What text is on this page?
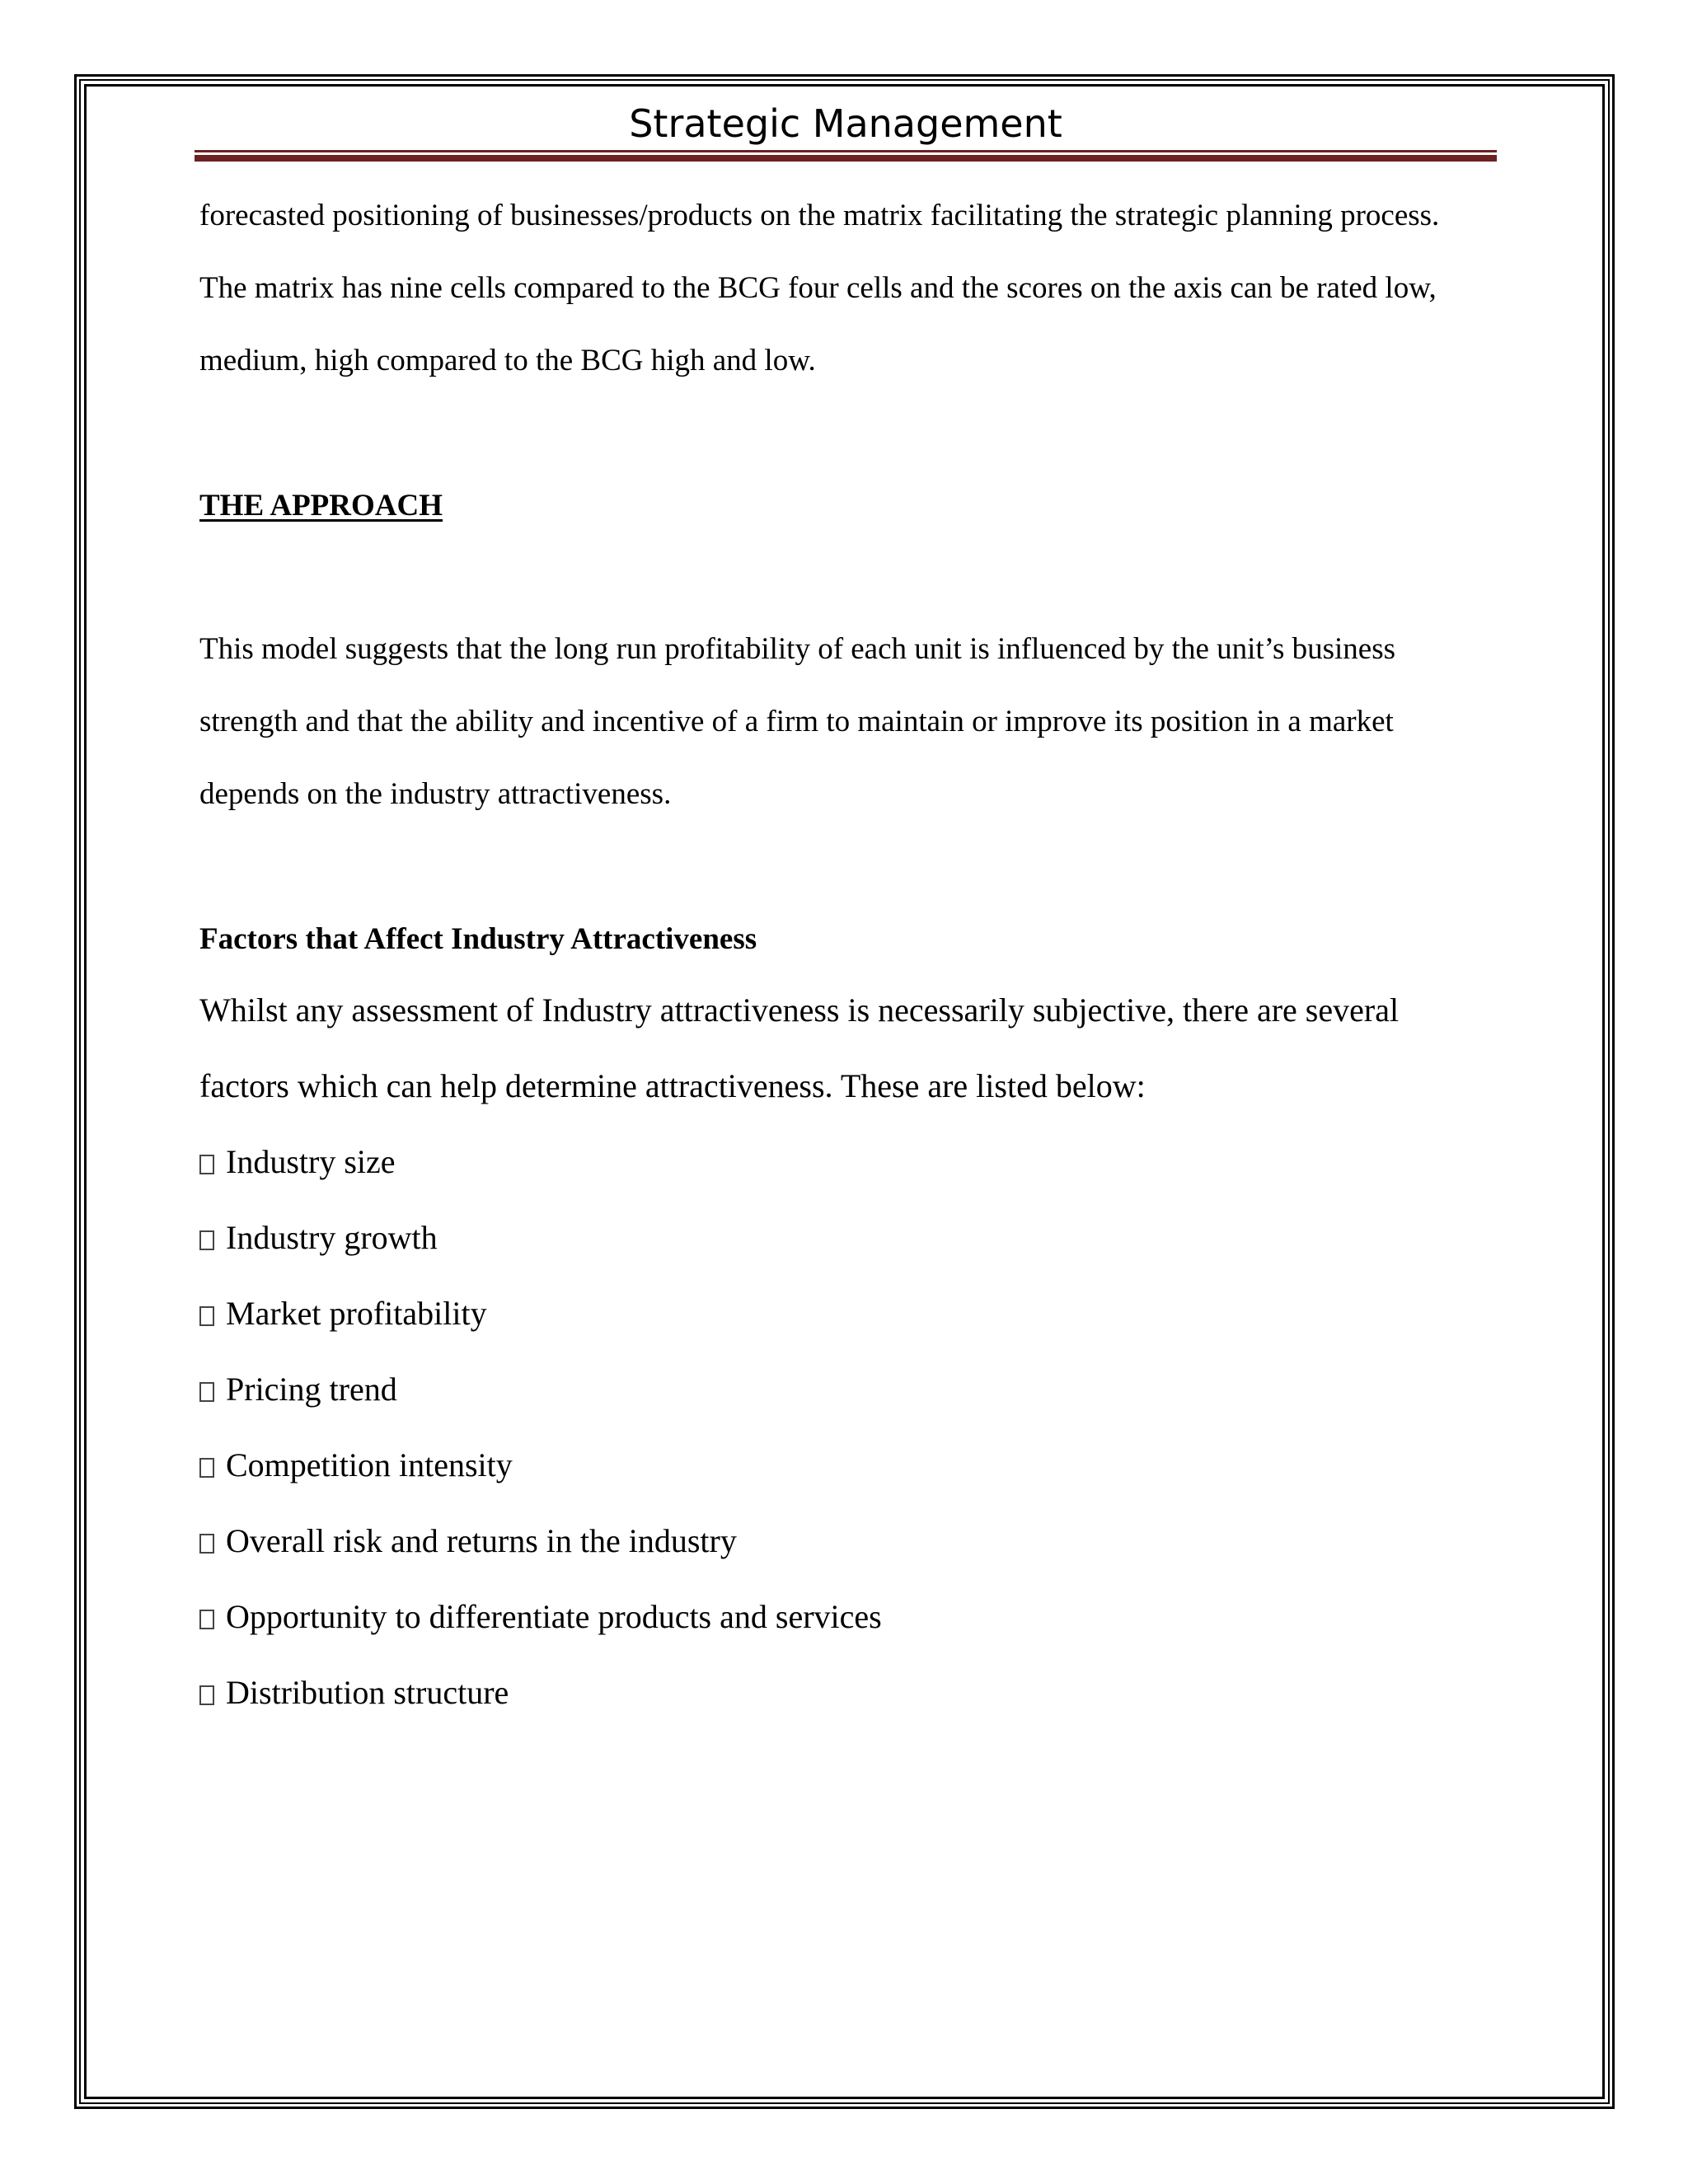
Strategic Management
forecasted positioning of businesses/products on the matrix facilitating the strategic planning process.
The matrix has nine cells compared to the BCG four cells and the scores on the axis can be rated low,
medium, high compared to the BCG high and low.
THE APPROACH
This model suggests that the long run profitability of each unit is influenced by the unit’s business
strength and that the ability and incentive of a firm to maintain or improve its position in a market
depends on the industry attractiveness.
Factors that Affect Industry Attractiveness
Whilst any assessment of Industry attractiveness is necessarily subjective, there are several
factors which can help determine attractiveness. These are listed below:
Industry size
Industry growth
Market profitability
Pricing trend
Competition intensity
Overall risk and returns in the industry
Opportunity to differentiate products and services
Distribution structure
